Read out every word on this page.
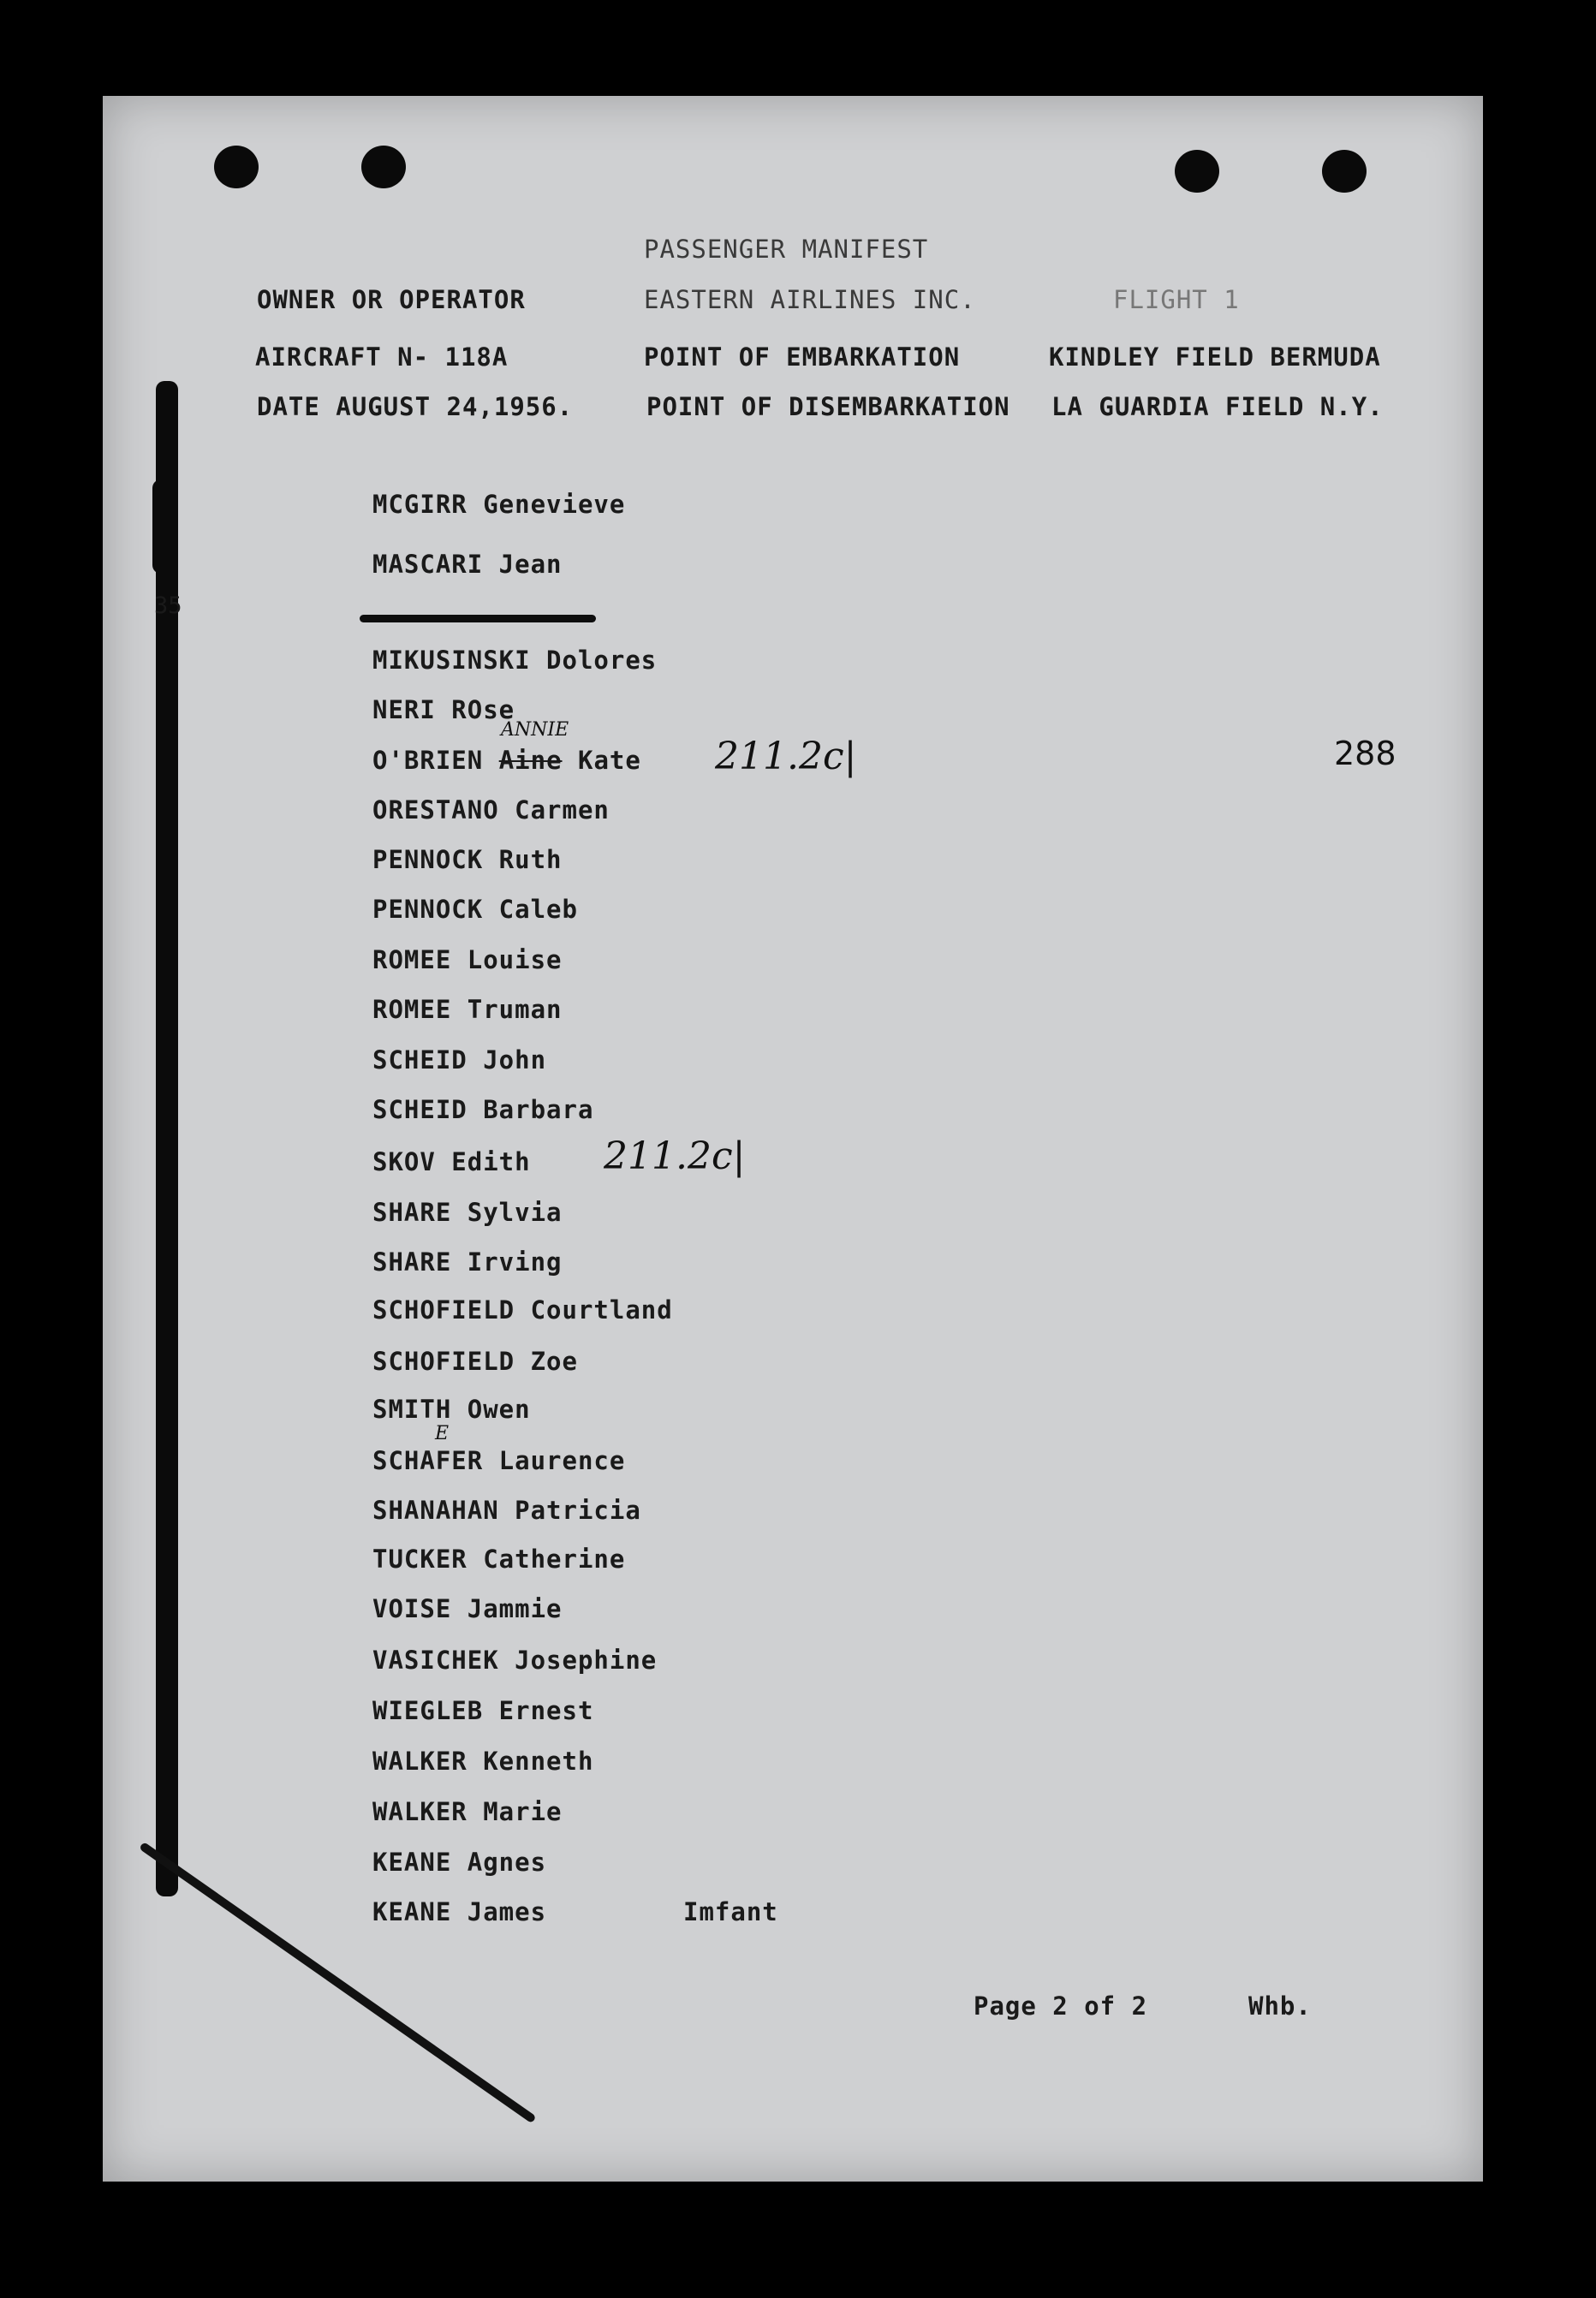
PASSENGER MANIFEST
OWNER OR OPERATOR	EASTERN AIRLINES INC.	FLIGHT 1
AIRCRAFT N- 118A	POINT OF EMBARKATION	KINDLEY FIELD BERMUDA
DATE AUGUST 24,1956.	POINT OF DISEMBARKATION LA GUARDIA FIELD N.Y.
35
288
MCGIRR Genevieve
MASCARI Jean
MIKUSINSKI Dolores
NERI ROse
O'BRIEN Aine Kate
ANNIE
211.2c|
ORESTANO Carmen
PENNOCK Ruth
PENNOCK Caleb
ROMEE Louise
ROMEE Truman
SCHEID John
SCHEID Barbara
SKOV Edith 211.2c|
SHARE Sylvia
SHARE Irving
SCHOFIELD Courtland
SCHOFIELD Zoe
SMITH Owen
E
SCHAFER Laurence
SHANAHAN Patricia
TUCKER Catherine
VOISE Jammie
VASICHEK Josephine
WIEGLEB Ernest
WALKER Kenneth
WALKER Marie
KEANE Agnes
KEANE James	Imfant
Page 2 of 2	Whb.
